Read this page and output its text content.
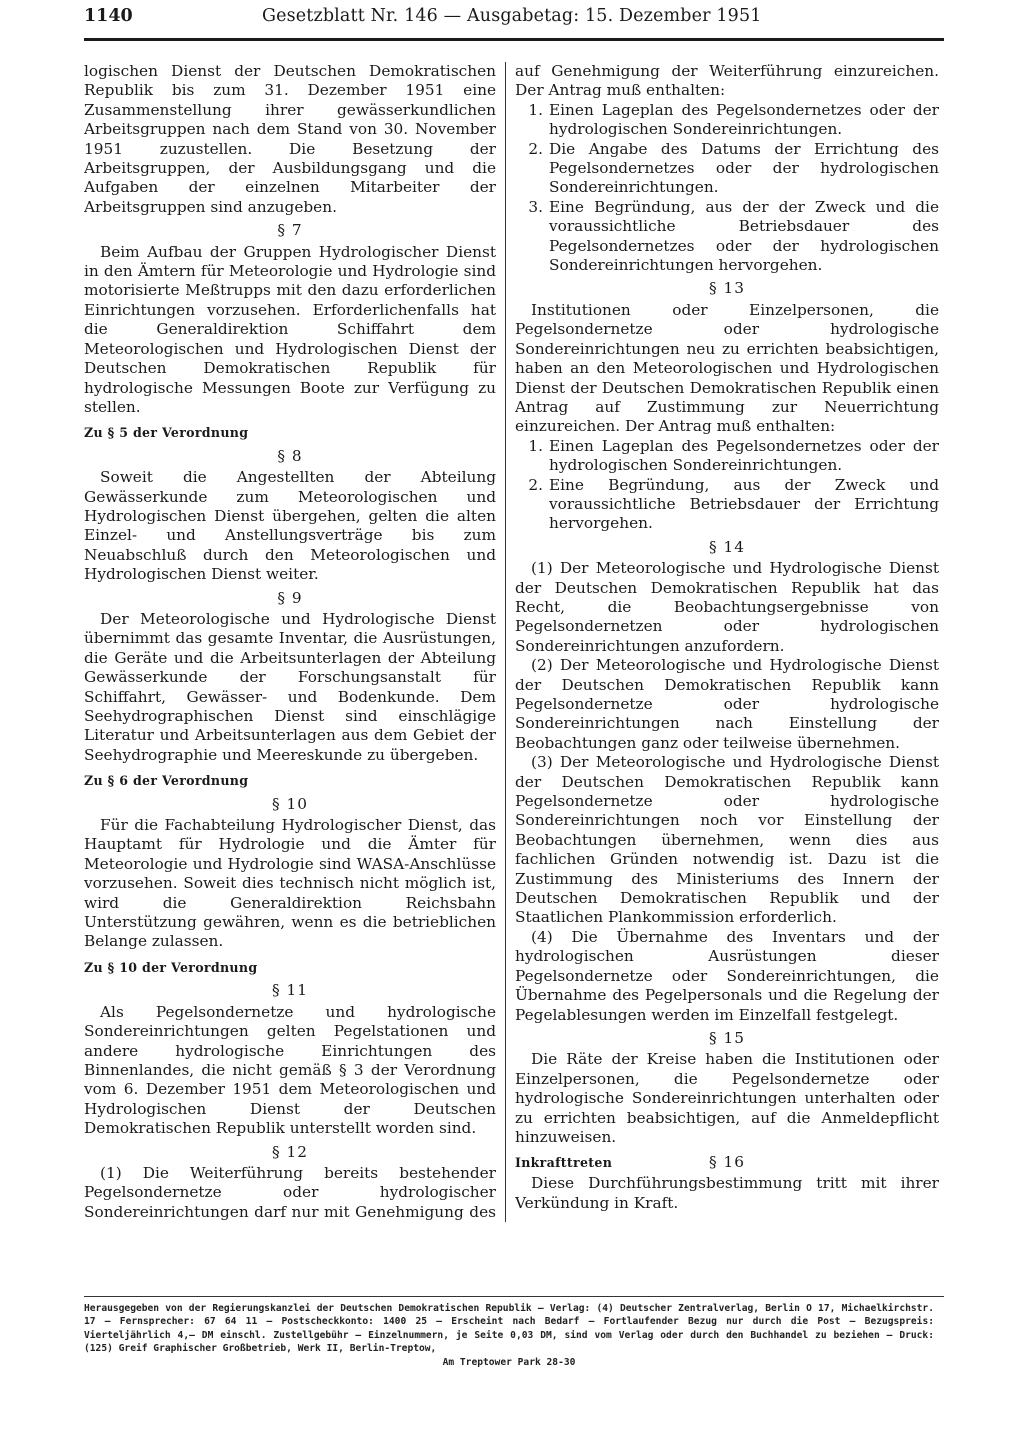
1140	Gesetzblatt Nr. 146 — Ausgabetag: 15. Dezember 1951

logischen Dienst der Deutschen Demokratischen Republik bis zum 31. Dezember 1951 eine Zusammenstellung ihrer gewässerkundlichen Arbeitsgruppen nach dem Stand von 30. November 1951 zuzustellen. Die Besetzung der Arbeitsgruppen, der Ausbildungsgang und die Aufgaben der einzelnen Mitarbeiter der Arbeitsgruppen sind anzugeben.

§ 7

Beim Aufbau der Gruppen Hydrologischer Dienst in den Ämtern für Meteorologie und Hydrologie sind motorisierte Meßtrupps mit den dazu erforderlichen Einrichtungen vorzusehen. Erforderlichenfalls hat die Generaldirektion Schiffahrt dem Meteorologischen und Hydrologischen Dienst der Deutschen Demokratischen Republik für hydrologische Messungen Boote zur Verfügung zu stellen.

Zu § 5 der Verordnung
§ 8

Soweit die Angestellten der Abteilung Gewässerkunde zum Meteorologischen und Hydrologischen Dienst übergehen, gelten die alten Einzel- und Anstellungsverträge bis zum Neuabschluß durch den Meteorologischen und Hydrologischen Dienst weiter.

§ 9

Der Meteorologische und Hydrologische Dienst übernimmt das gesamte Inventar, die Ausrüstungen, die Geräte und die Arbeitsunterlagen der Abteilung Gewässerkunde der Forschungsanstalt für Schiffahrt, Gewässer- und Bodenkunde. Dem Seehydrographischen Dienst sind einschlägige Literatur und Arbeitsunterlagen aus dem Gebiet der Seehydrographie und Meereskunde zu übergeben.

Zu § 6 der Verordnung
§ 10

Für die Fachabteilung Hydrologischer Dienst, das Hauptamt für Hydrologie und die Ämter für Meteorologie und Hydrologie sind WASA-Anschlüsse vorzusehen. Soweit dies technisch nicht möglich ist, wird die Generaldirektion Reichsbahn Unterstützung gewähren, wenn es die betrieblichen Belange zulassen.

Zu § 10 der Verordnung
§ 11

Als Pegelsondernetze und hydrologische Sondereinrichtungen gelten Pegelstationen und andere hydrologische Einrichtungen des Binnenlandes, die nicht gemäß § 3 der Verordnung vom 6. Dezember 1951 dem Meteorologischen und Hydrologischen Dienst der Deutschen Demokratischen Republik unterstellt worden sind.

§ 12

(1) Die Weiterführung bereits bestehender Pegelsondernetze oder hydrologischer Sondereinrichtungen darf nur mit Genehmigung des

auf Genehmigung der Weiterführung einzureichen. Der Antrag muß enthalten:

1. Einen Lageplan des Pegelsondernetzes oder der hydrologischen Sondereinrichtungen.
2. Die Angabe des Datums der Errichtung des Pegelsondernetzes oder der hydrologischen Sondereinrichtungen.
3. Eine Begründung, aus der der Zweck und die voraussichtliche Betriebsdauer des Pegelsondernetzes oder der hydrologischen Sondereinrichtungen hervorgehen.
§ 13

Institutionen oder Einzelpersonen, die Pegelsondernetze oder hydrologische Sondereinrichtungen neu zu errichten beabsichtigen, haben an den Meteorologischen und Hydrologischen Dienst der Deutschen Demokratischen Republik einen Antrag auf Zustimmung zur Neuerrichtung einzureichen. Der Antrag muß enthalten:

1. Einen Lageplan des Pegelsondernetzes oder der hydrologischen Sondereinrichtungen.
2. Eine Begründung, aus der Zweck und voraussichtliche Betriebsdauer der Errichtung hervorgehen.
§ 14

(1) Der Meteorologische und Hydrologische Dienst der Deutschen Demokratischen Republik hat das Recht, die Beobachtungsergebnisse von Pegelsondernetzen oder hydrologischen Sondereinrichtungen anzufordern.

(2) Der Meteorologische und Hydrologische Dienst der Deutschen Demokratischen Republik kann Pegelsondernetze oder hydrologische Sondereinrichtungen nach Einstellung der Beobachtungen ganz oder teilweise übernehmen.

(3) Der Meteorologische und Hydrologische Dienst der Deutschen Demokratischen Republik kann Pegelsondernetze oder hydrologische Sondereinrichtungen noch vor Einstellung der Beobachtungen übernehmen, wenn dies aus fachlichen Gründen notwendig ist. Dazu ist die Zustimmung des Ministeriums des Innern der Deutschen Demokratischen Republik und der Staatlichen Plankommission erforderlich.

(4) Die Übernahme des Inventars und der hydrologischen Ausrüstungen dieser Pegelsondernetze oder Sondereinrichtungen, die Übernahme des Pegelpersonals und die Regelung der Pegelablesungen werden im Einzelfall festgelegt.

§ 15

Die Räte der Kreise haben die Institutionen oder Einzelpersonen, die Pegelsondernetze oder hydrologische Sondereinrichtungen unterhalten oder zu errichten beabsichtigen, auf die Anmeldepflicht hinzuweisen.

Inkrafttreten	§ 16

Diese Durchführungsbestimmung tritt mit ihrer Verkündung in Kraft.

Herausgegeben von der Regierungskanzlei der Deutschen Demokratischen Republik — Verlag: (4) Deutscher Zentralverlag, Berlin O 17, Michaelkirchstr. 17 — Fernsprecher: 67 64 11 — Postscheckkonto: 1400 25 — Erscheint nach Bedarf — Fortlaufender Bezug nur durch die Post — Bezugspreis: Vierteljährlich 4,— DM einschl. Zustellgebühr — Einzelnummern, je Seite 0,03 DM, sind vom Verlag oder durch den Buchhandel zu beziehen — Druck: (125) Greif Graphischer Großbetrieb, Werk II, Berlin-Treptow,
Am Treptower Park 28-30
